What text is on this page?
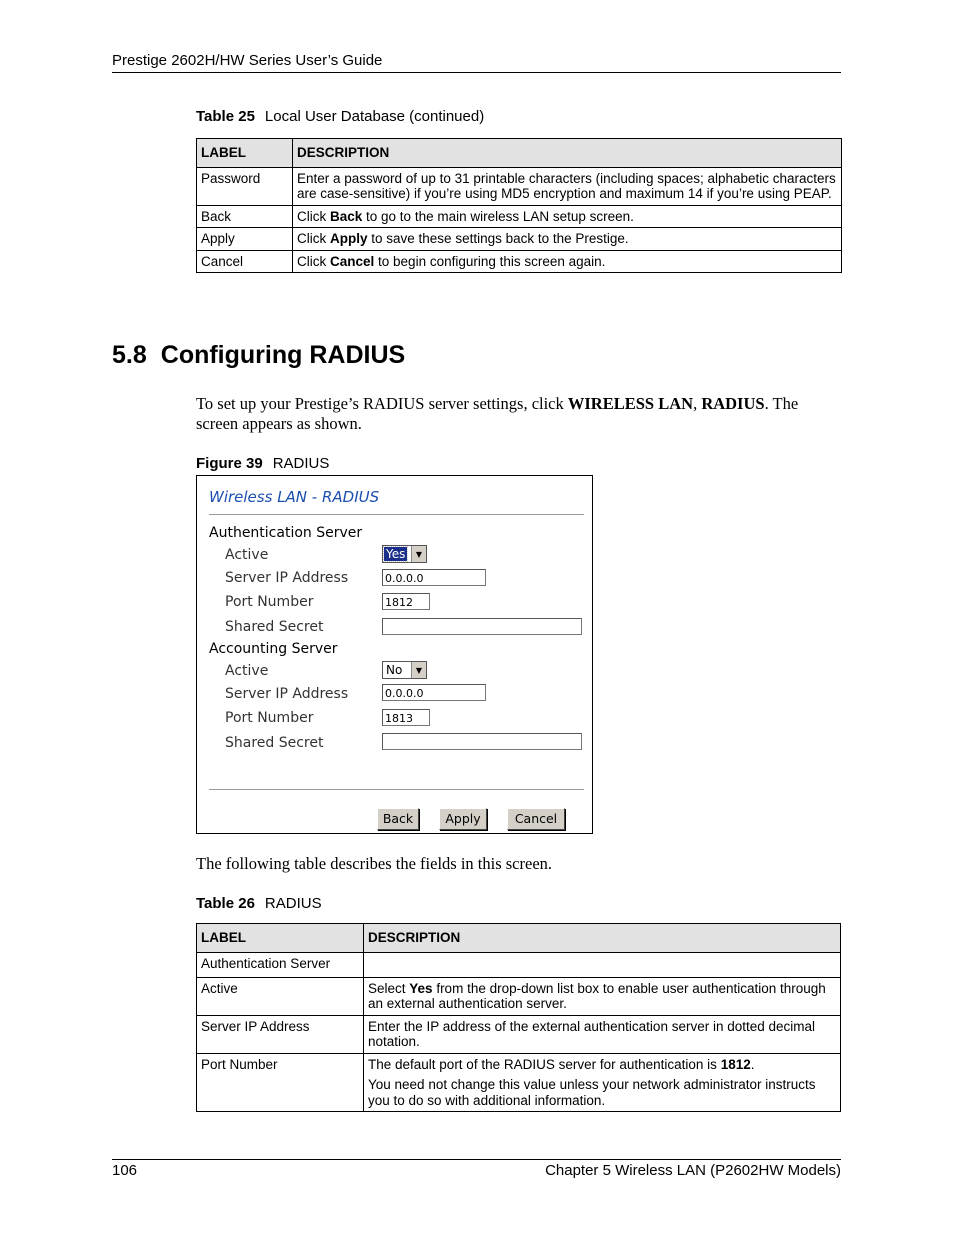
Prestige 2602H/HW Series User’s Guide
Table 25 Local User Database (continued)
LABEL	DESCRIPTION
Password	Enter a password of up to 31 printable characters (including spaces; alphabetic characters are case-sensitive) if you’re using MD5 encryption and maximum 14 if you’re using PEAP.
Back	Click Back to go to the main wireless LAN setup screen.
Apply	Click Apply to save these settings back to the Prestige.
Cancel	Click Cancel to begin configuring this screen again.
5.8 Configuring RADIUS
To set up your Prestige’s RADIUS server settings, click WIRELESS LAN, RADIUS. The screen appears as shown.
Figure 39 RADIUS
Wireless LAN - RADIUS
Authentication Server
Active	Yes	▼
Server IP Address	0.0.0.0
Port Number	1812
Shared Secret
Accounting Server
Active	No	▼
Server IP Address	0.0.0.0
Port Number	1813
Shared Secret
Back	Apply	Cancel
The following table describes the fields in this screen.
Table 26 RADIUS
LABEL	DESCRIPTION
Authentication Server	
Active	Select Yes from the drop-down list box to enable user authentication through an external authentication server.
Server IP Address	Enter the IP address of the external authentication server in dotted decimal notation.
Port Number	The default port of the RADIUS server for authentication is 1812.
You need not change this value unless your network administrator instructs you to do so with additional information.
106	Chapter 5 Wireless LAN (P2602HW Models)
